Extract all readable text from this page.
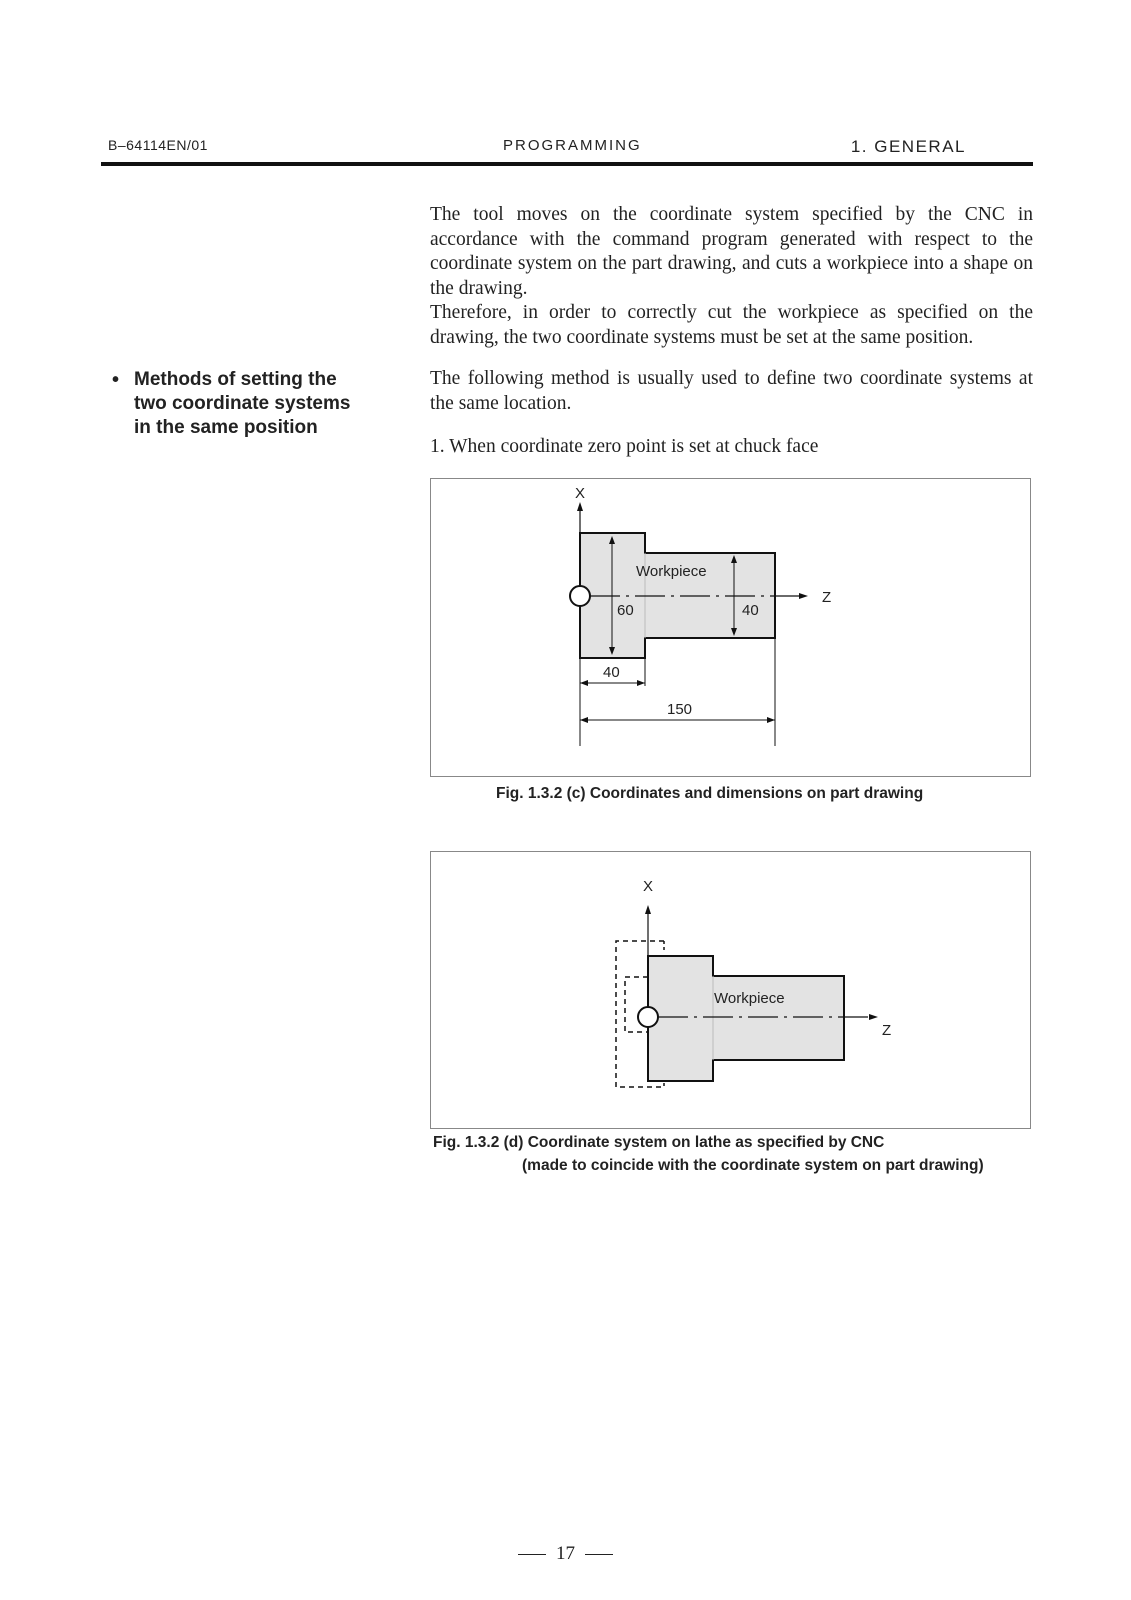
B–64114EN/01	PROGRAMMING	1. GENERAL
The tool moves on the coordinate system specified by the CNC in accordance with the command program generated with respect to the coordinate system on the part drawing, and cuts a workpiece into a shape on the drawing.
Therefore, in order to correctly cut the workpiece as specified on the drawing, the two coordinate systems must be set at the same position.
• Methods of setting the
two coordinate systems
in the same position
The following method is usually used to define two coordinate systems at the same location.
1. When coordinate zero point is set at chuck face
X
Z
Workpiece
60	40
40
150
Fig. 1.3.2 (c) Coordinates and dimensions on part drawing
X
Z
Workpiece
Fig. 1.3.2 (d) Coordinate system on lathe as specified by CNC
(made to coincide with the coordinate system on part drawing)
17
